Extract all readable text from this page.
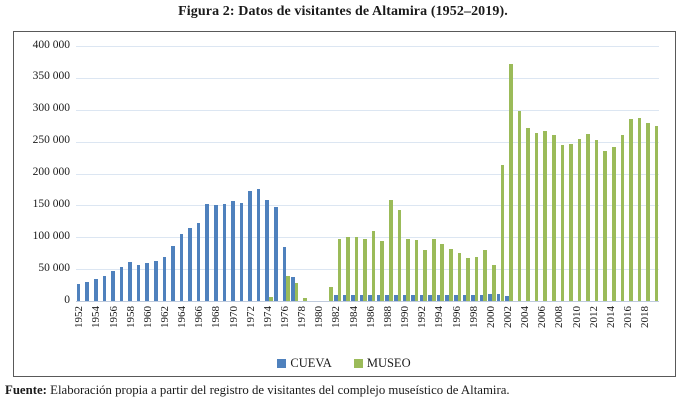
Figura 2: Datos de visitantes de Altamira (1952–2019).
400 000
350 000
300 000
250 000
200 000
150 000
100 000
50 000
0
1952 1954 1956 1958 1960 1962 1964 1966 1968 1970 1972 1974 1976 1978 1980 1982 1984 1986 1988 1990 1992 1994 1996 1998 2000 2002 2004 2006 2008 2010 2012 2014 2016 2018
CUEVA	MUSEO
Fuente: Elaboración propia a partir del registro de visitantes del complejo museístico de Altamira.
